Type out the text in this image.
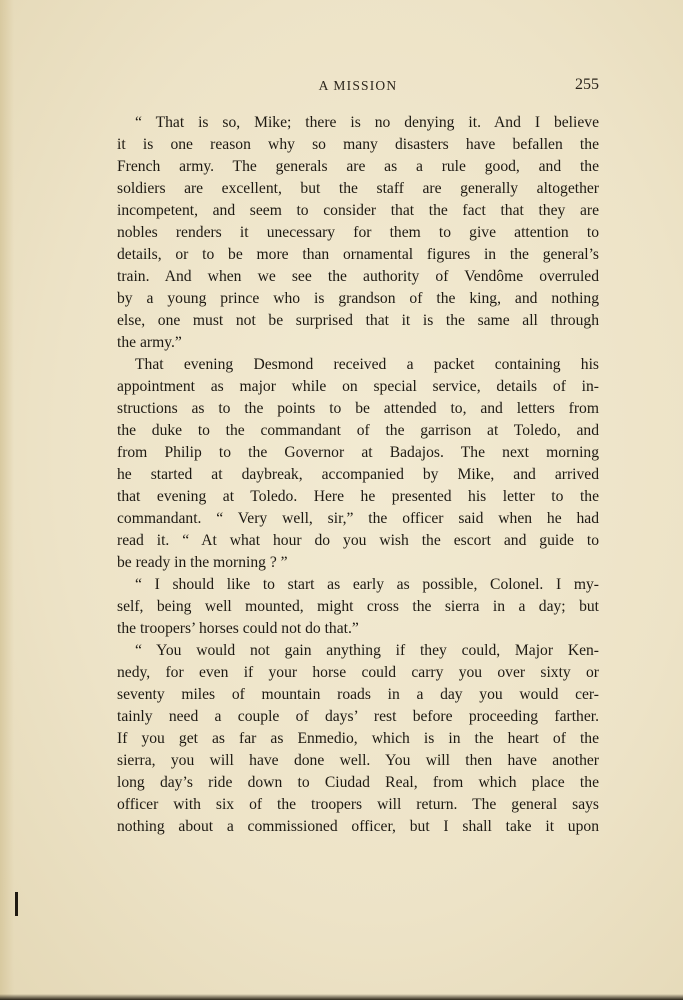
A MISSION	255
“ That is so, Mike; there is no denying it. And I believe
it is one reason why so many disasters have befallen the
French army. The generals are as a rule good, and the
soldiers are excellent, but the staff are generally altogether
incompetent, and seem to consider that the fact that they are
nobles renders it unecessary for them to give attention to
details, or to be more than ornamental figures in the general’s
train. And when we see the authority of Vendôme overruled
by a young prince who is grandson of the king, and nothing
else, one must not be surprised that it is the same all through
the army.”
That evening Desmond received a packet containing his
appointment as major while on special service, details of in-
structions as to the points to be attended to, and letters from
the duke to the commandant of the garrison at Toledo, and
from Philip to the Governor at Badajos. The next morning
he started at daybreak, accompanied by Mike, and arrived
that evening at Toledo. Here he presented his letter to the
commandant. “ Very well, sir,” the officer said when he had
read it. “ At what hour do you wish the escort and guide to
be ready in the morning ? ”
“ I should like to start as early as possible, Colonel. I my-
self, being well mounted, might cross the sierra in a day; but
the troopers’ horses could not do that.”
“ You would not gain anything if they could, Major Ken-
nedy, for even if your horse could carry you over sixty or
seventy miles of mountain roads in a day you would cer-
tainly need a couple of days’ rest before proceeding farther.
If you get as far as Enmedio, which is in the heart of the
sierra, you will have done well. You will then have another
long day’s ride down to Ciudad Real, from which place the
officer with six of the troopers will return. The general says
nothing about a commissioned officer, but I shall take it upon
